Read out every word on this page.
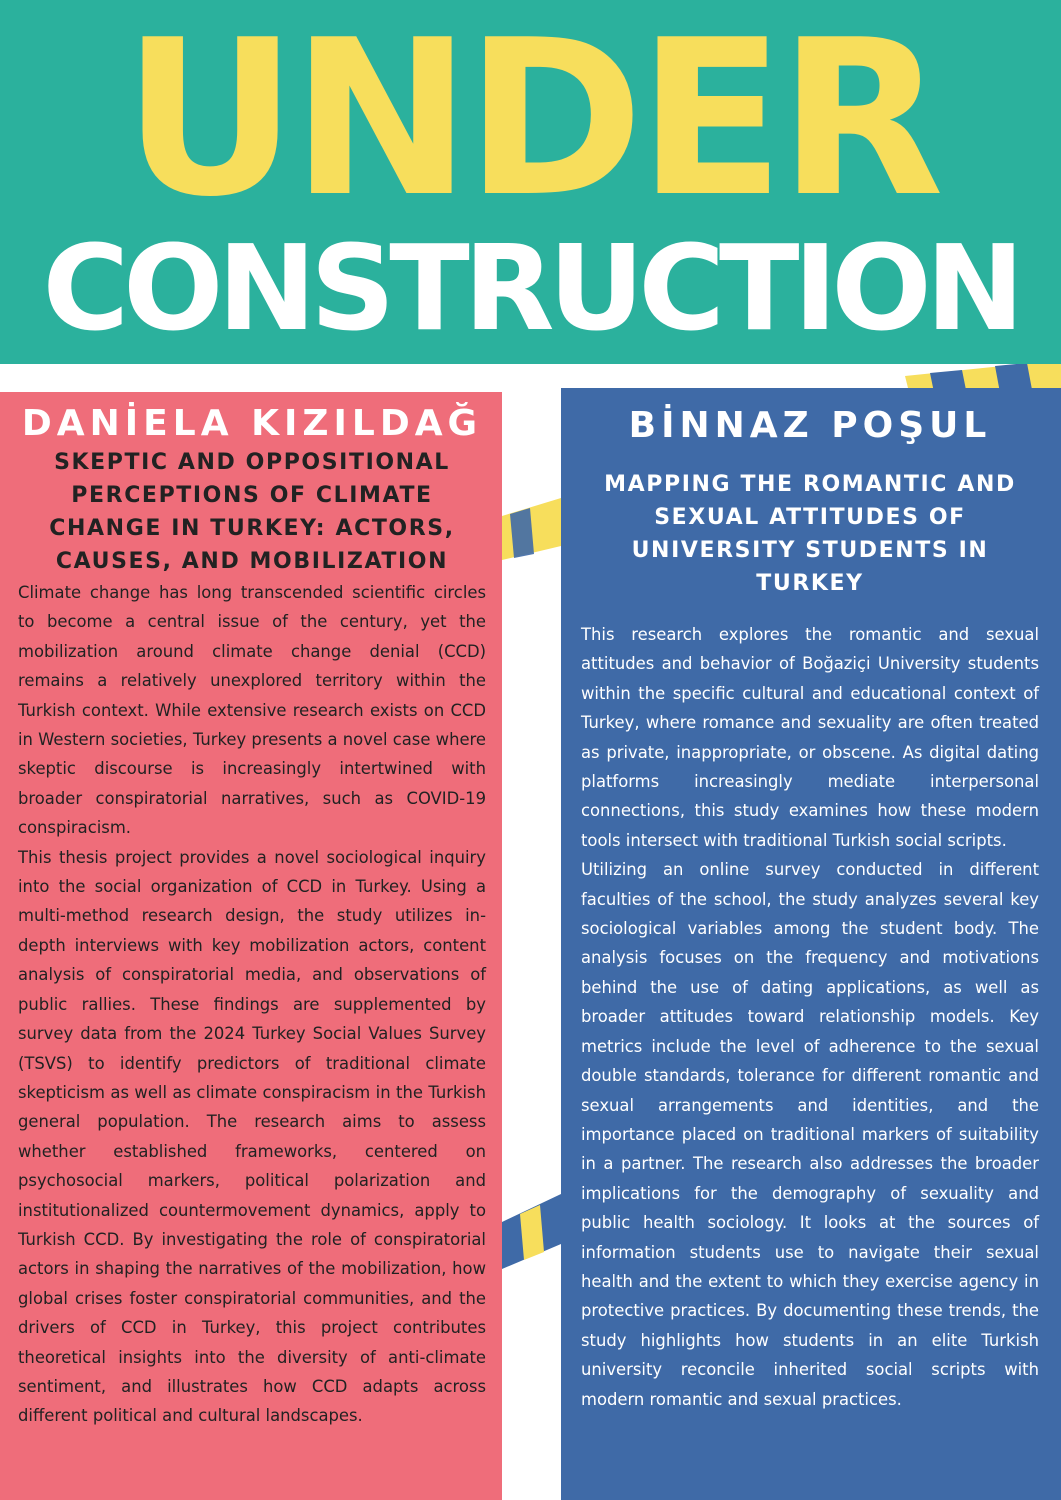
UNDER
CONSTRUCTION
DANİELA KIZILDAĞ
SKEPTIC AND OPPOSITIONAL PERCEPTIONS OF CLIMATE CHANGE IN TURKEY: ACTORS, CAUSES, AND MOBILIZATION

Climate change has long transcended scientific circles to become a central issue of the century, yet the mobilization around climate change denial (CCD) remains a relatively unexplored territory within the Turkish context. While extensive research exists on CCD in Western societies, Turkey presents a novel case where skeptic discourse is increasingly intertwined with broader conspiratorial narratives, such as COVID-19 conspiracism.

This thesis project provides a novel sociological inquiry into the social organization of CCD in Turkey. Using a multi-method research design, the study utilizes in-depth interviews with key mobilization actors, content analysis of conspiratorial media, and observations of public rallies. These findings are supplemented by survey data from the 2024 Turkey Social Values Survey (TSVS) to identify predictors of traditional climate skepticism as well as climate conspiracism in the Turkish general population. The research aims to assess whether established frameworks, centered on psychosocial markers, political polarization and institutionalized countermovement dynamics, apply to Turkish CCD. By investigating the role of conspiratorial actors in shaping the narratives of the mobilization, how global crises foster conspiratorial communities, and the drivers of CCD in Turkey, this project contributes theoretical insights into the diversity of anti-climate sentiment, and illustrates how CCD adapts across different political and cultural landscapes.

BİNNAZ POŞUL
MAPPING THE ROMANTIC AND SEXUAL ATTITUDES OF UNIVERSITY STUDENTS IN TURKEY

This research explores the romantic and sexual attitudes and behavior of Boğaziçi University students within the specific cultural and educational context of Turkey, where romance and sexuality are often treated as private, inappropriate, or obscene. As digital dating platforms increasingly mediate interpersonal connections, this study examines how these modern tools intersect with traditional Turkish social scripts.

Utilizing an online survey conducted in different faculties of the school, the study analyzes several key sociological variables among the student body. The analysis focuses on the frequency and motivations behind the use of dating applications, as well as broader attitudes toward relationship models. Key metrics include the level of adherence to the sexual double standards, tolerance for different romantic and sexual arrangements and identities, and the importance placed on traditional markers of suitability in a partner. The research also addresses the broader implications for the demography of sexuality and public health sociology. It looks at the sources of information students use to navigate their sexual health and the extent to which they exercise agency in protective practices. By documenting these trends, the study highlights how students in an elite Turkish university reconcile inherited social scripts with modern romantic and sexual practices.
